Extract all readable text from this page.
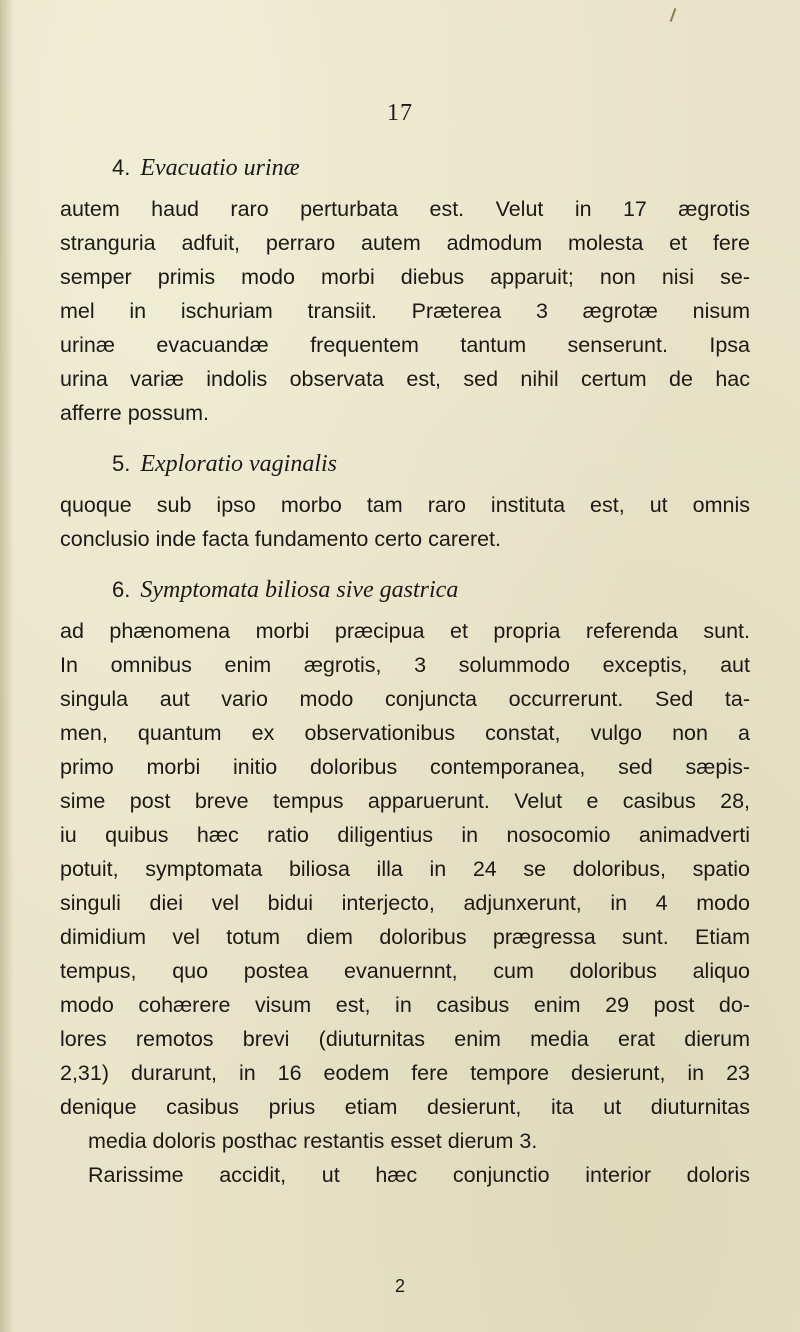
17
4. Evacuatio urinæ
autem haud raro perturbata est. Velut in 17 ægrotis
stranguria adfuit, perraro autem admodum molesta et fere
semper primis modo morbi diebus apparuit; non nisi se-
mel in ischuriam transiit. Præterea 3 ægrotæ nisum
urinæ evacuandæ frequentem tantum senserunt. Ipsa
urina variæ indolis observata est, sed nihil certum de hac
afferre possum.
5. Exploratio vaginalis
quoque sub ipso morbo tam raro instituta est, ut omnis
conclusio inde facta fundamento certo careret.
6. Symptomata biliosa sive gastrica
ad phænomena morbi præcipua et propria referenda sunt.
In omnibus enim ægrotis, 3 solummodo exceptis, aut
singula aut vario modo conjuncta occurrerunt. Sed ta-
men, quantum ex observationibus constat, vulgo non a
primo morbi initio doloribus contemporanea, sed sæpis-
sime post breve tempus apparuerunt. Velut e casibus 28,
iu quibus hæc ratio diligentius in nosocomio animadverti
potuit, symptomata biliosa illa in 24 se doloribus, spatio
singuli diei vel bidui interjecto, adjunxerunt, in 4 modo
dimidium vel totum diem doloribus prægressa sunt. Etiam
tempus, quo postea evanuernnt, cum doloribus aliquo
modo cohærere visum est, in casibus enim 29 post do-
lores remotos brevi (diuturnitas enim media erat dierum
2,31) durarunt, in 16 eodem fere tempore desierunt, in 23
denique casibus prius etiam desierunt, ita ut diuturnitas
media doloris posthac restantis esset dierum 3.
Rarissime accidit, ut hæc conjunctio interior doloris
2
